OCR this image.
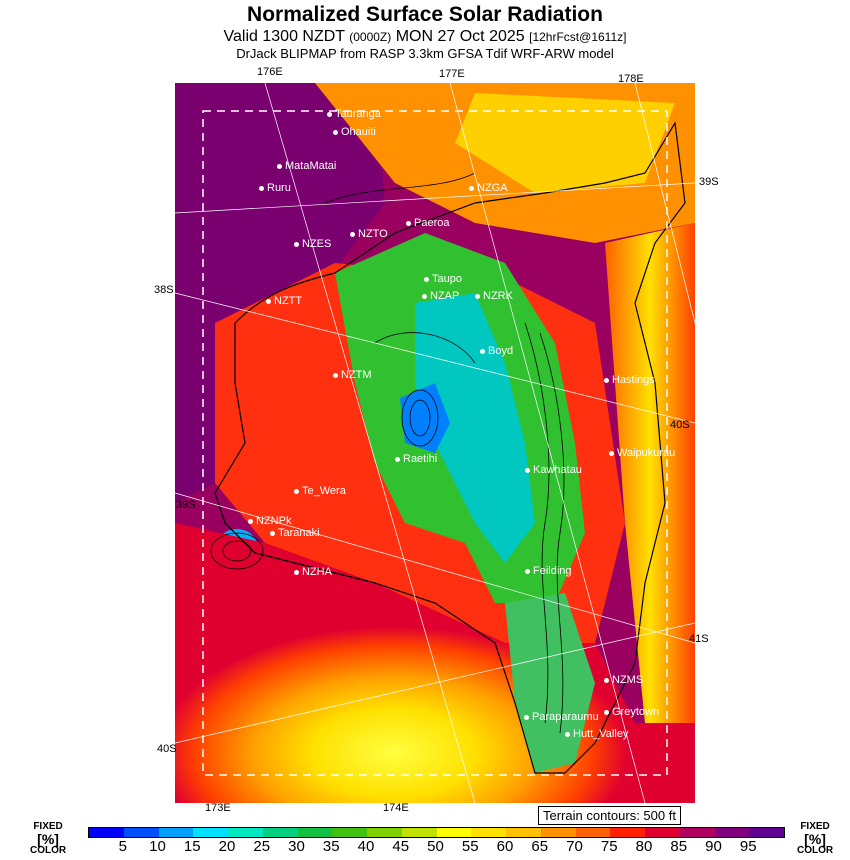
Normalized Surface Solar Radiation
Valid 1300 NZDT (0000Z) MON 27 Oct 2025 [12hrFcst@1611z]
DrJack BLIPMAP from RASP 3.3km GFSA Tdif WRF-ARW model
Tauranga
Ohauiti
MataMatai
Ruru	NZGA
Paeroa
NZTO
NZES
Taupo
NZAP	NZRK
NZTT
Boyd
NZTM	Hastings
Raetihi	Waipukurau
Kawhatau
Te_Wera
NZNPk
Taranaki
NZHA	Feilding
NZMS
Paraparaumu	Greytown
Hutt_Valley
176E	177E	178E
173E	174E
39S
40S
41S
38S
39S
40S
Terrain contours: 500 ft
FIXED
[%]
COLOR
FIXED
[%]
COLOR
5	10	15	20	25	30	35	40	45	50	55	60	65	70	75	80	85	90	95
